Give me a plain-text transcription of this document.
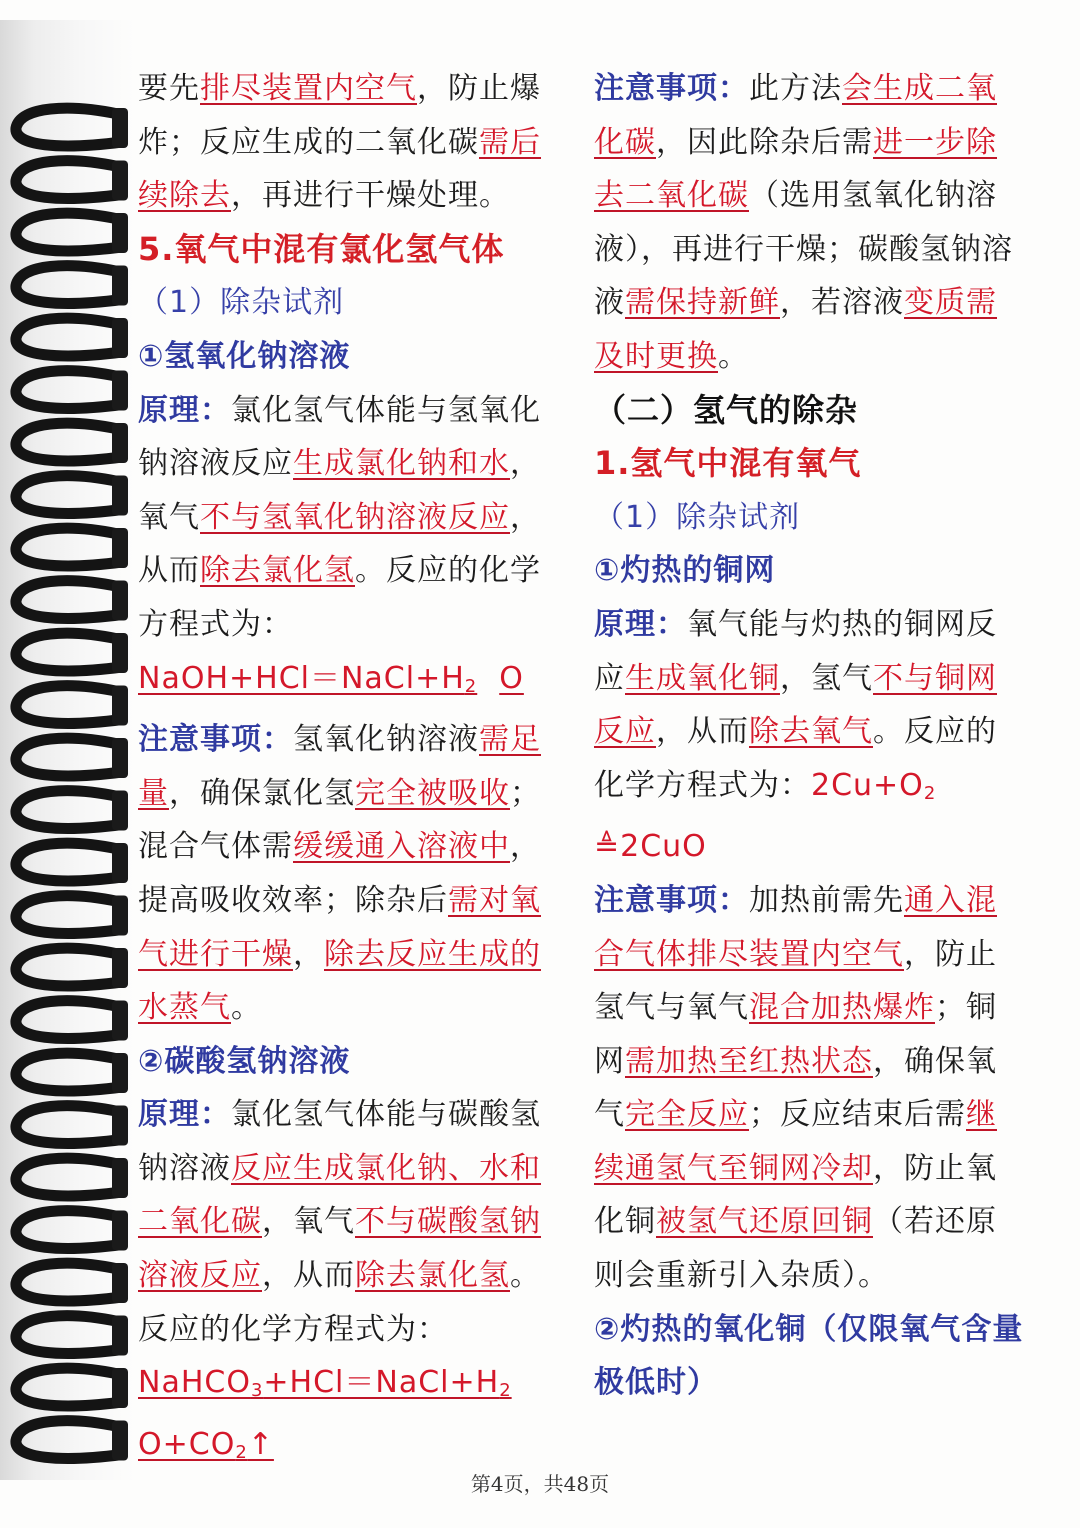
要先排尽装置内空气，防止爆炸；反应生成的二氧化碳需后续除去，再进行干燥处理。

5.氧气中混有氯化氢气体

（1）除杂试剂

①氢氧化钠溶液

原理：氯化氢气体能与氢氧化钠溶液反应生成氯化钠和水，氧气不与氢氧化钠溶液反应，从而除去氯化氢。反应的化学方程式为：

$NaOH+HCl=NaCl+H_2$ O

注意事项：氢氧化钠溶液需足量，确保氯化氢完全被吸收；混合气体需缓缓通入溶液中，提高吸收效率；除杂后需对氧气进行干燥，除去反应生成的水蒸气。

②碳酸氢钠溶液

原理：氯化氢气体能与碳酸氢钠溶液反应生成氯化钠、水和二氧化碳，氧气不与碳酸氢钠溶液反应，从而除去氯化氢。反应的化学方程式为：$NaHCO_3+HCl=NaCl+H_2O+CO_2↑$

注意事项：此方法会生成二氧化碳，因此除杂后需进一步除去二氧化碳（选用氢氧化钠溶液），再进行干燥；碳酸氢钠溶液需保持新鲜，若溶液变质需及时更换。

（二）氢气的除杂

1.氢气中混有氧气

（1）除杂试剂

①灼热的铜网

原理：氧气能与灼热的铜网反应生成氧化铜，氢气不与铜网反应，从而除去氧气。反应的化学方程式为：$2Cu+O_2$
≜2CuO

注意事项：加热前需先通入混合气体排尽装置内空气，防止氢气与氧气混合加热爆炸；铜网需加热至红热状态，确保氧气完全反应；反应结束后需继续通氢气至铜网冷却，防止氧化铜被氢气还原回铜（若还原则会重新引入杂质）。

②灼热的氧化铜（仅限氧气含量极低时）

第4页，共48页
